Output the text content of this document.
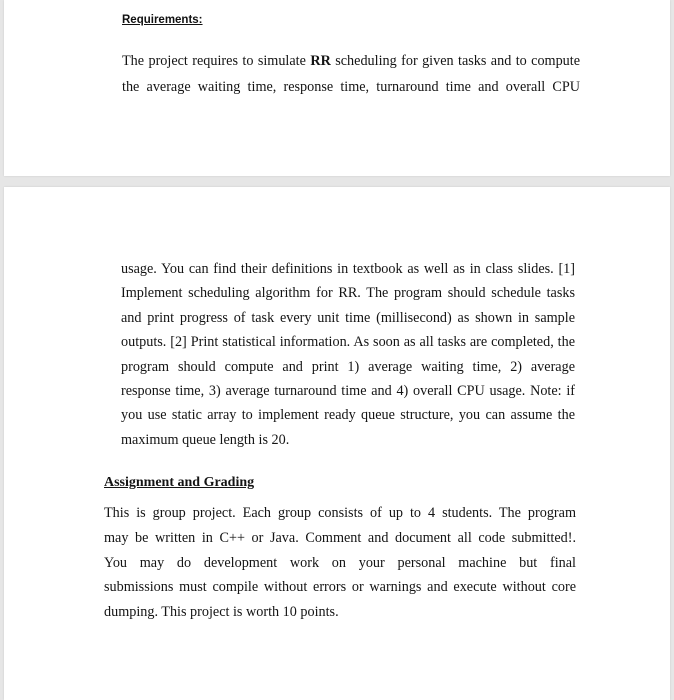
Requirements:
The project requires to simulate RR scheduling for given tasks and to compute
the average waiting time, response time, turnaround time and overall CPU
usage. You can find their definitions in textbook as well as in class slides. [1]
Implement scheduling algorithm for RR. The program should schedule tasks
and print progress of task every unit time (millisecond) as shown in sample
outputs. [2] Print statistical information. As soon as all tasks are completed, the
program should compute and print 1) average waiting time, 2) average
response time, 3) average turnaround time and 4) overall CPU usage. Note: if
you use static array to implement ready queue structure, you can assume the
maximum queue length is 20.
Assignment and Grading
This is group project. Each group consists of up to 4 students. The program
may be written in C++ or Java. Comment and document all code submitted!.
You may do development work on your personal machine but final
submissions must compile without errors or warnings and execute without core
dumping. This project is worth 10 points.
